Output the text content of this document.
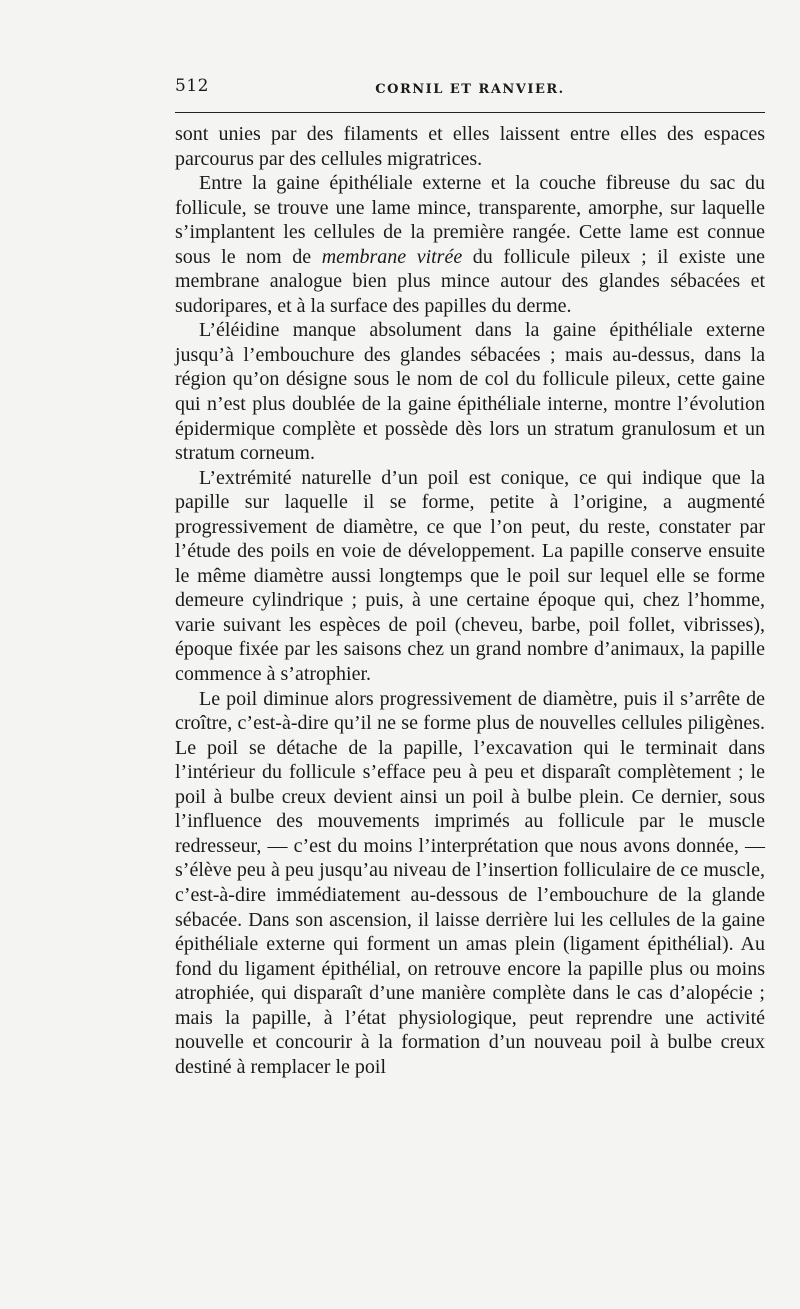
512	CORNIL ET RANVIER.

sont unies par des filaments et elles laissent entre elles des espaces parcourus par des cellules migratrices.

Entre la gaine épithéliale externe et la couche fibreuse du sac du follicule, se trouve une lame mince, transparente, amorphe, sur laquelle s’implantent les cellules de la première rangée. Cette lame est connue sous le nom de membrane vitrée du follicule pileux ; il existe une membrane analogue bien plus mince autour des glandes sébacées et sudoripares, et à la surface des papilles du derme.

L’éléidine manque absolument dans la gaine épithéliale externe jusqu’à l’embouchure des glandes sébacées ; mais au-dessus, dans la région qu’on désigne sous le nom de col du follicule pileux, cette gaine qui n’est plus doublée de la gaine épithéliale interne, montre l’évolution épidermique complète et possède dès lors un stratum granulosum et un stratum corneum.

L’extrémité naturelle d’un poil est conique, ce qui indique que la papille sur laquelle il se forme, petite à l’origine, a augmenté progressivement de diamètre, ce que l’on peut, du reste, constater par l’étude des poils en voie de développement. La papille conserve ensuite le même diamètre aussi longtemps que le poil sur lequel elle se forme demeure cylindrique ; puis, à une certaine époque qui, chez l’homme, varie suivant les espèces de poil (cheveu, barbe, poil follet, vibrisses), époque fixée par les saisons chez un grand nombre d’animaux, la papille commence à s’atrophier.

Le poil diminue alors progressivement de diamètre, puis il s’arrête de croître, c’est-à-dire qu’il ne se forme plus de nouvelles cellules piligènes. Le poil se détache de la papille, l’excavation qui le terminait dans l’intérieur du follicule s’efface peu à peu et disparaît complètement ; le poil à bulbe creux devient ainsi un poil à bulbe plein. Ce dernier, sous l’influence des mouvements imprimés au follicule par le muscle redresseur, — c’est du moins l’interprétation que nous avons donnée, — s’élève peu à peu jusqu’au niveau de l’insertion folliculaire de ce muscle, c’est-à-dire immédiatement au-dessous de l’embouchure de la glande sébacée. Dans son ascension, il laisse derrière lui les cellules de la gaine épithéliale externe qui forment un amas plein (ligament épithélial). Au fond du ligament épithélial, on retrouve encore la papille plus ou moins atrophiée, qui disparaît d’une manière complète dans le cas d’alopécie ; mais la papille, à l’état physiologique, peut reprendre une activité nouvelle et concourir à la formation d’un nouveau poil à bulbe creux destiné à remplacer le poil
